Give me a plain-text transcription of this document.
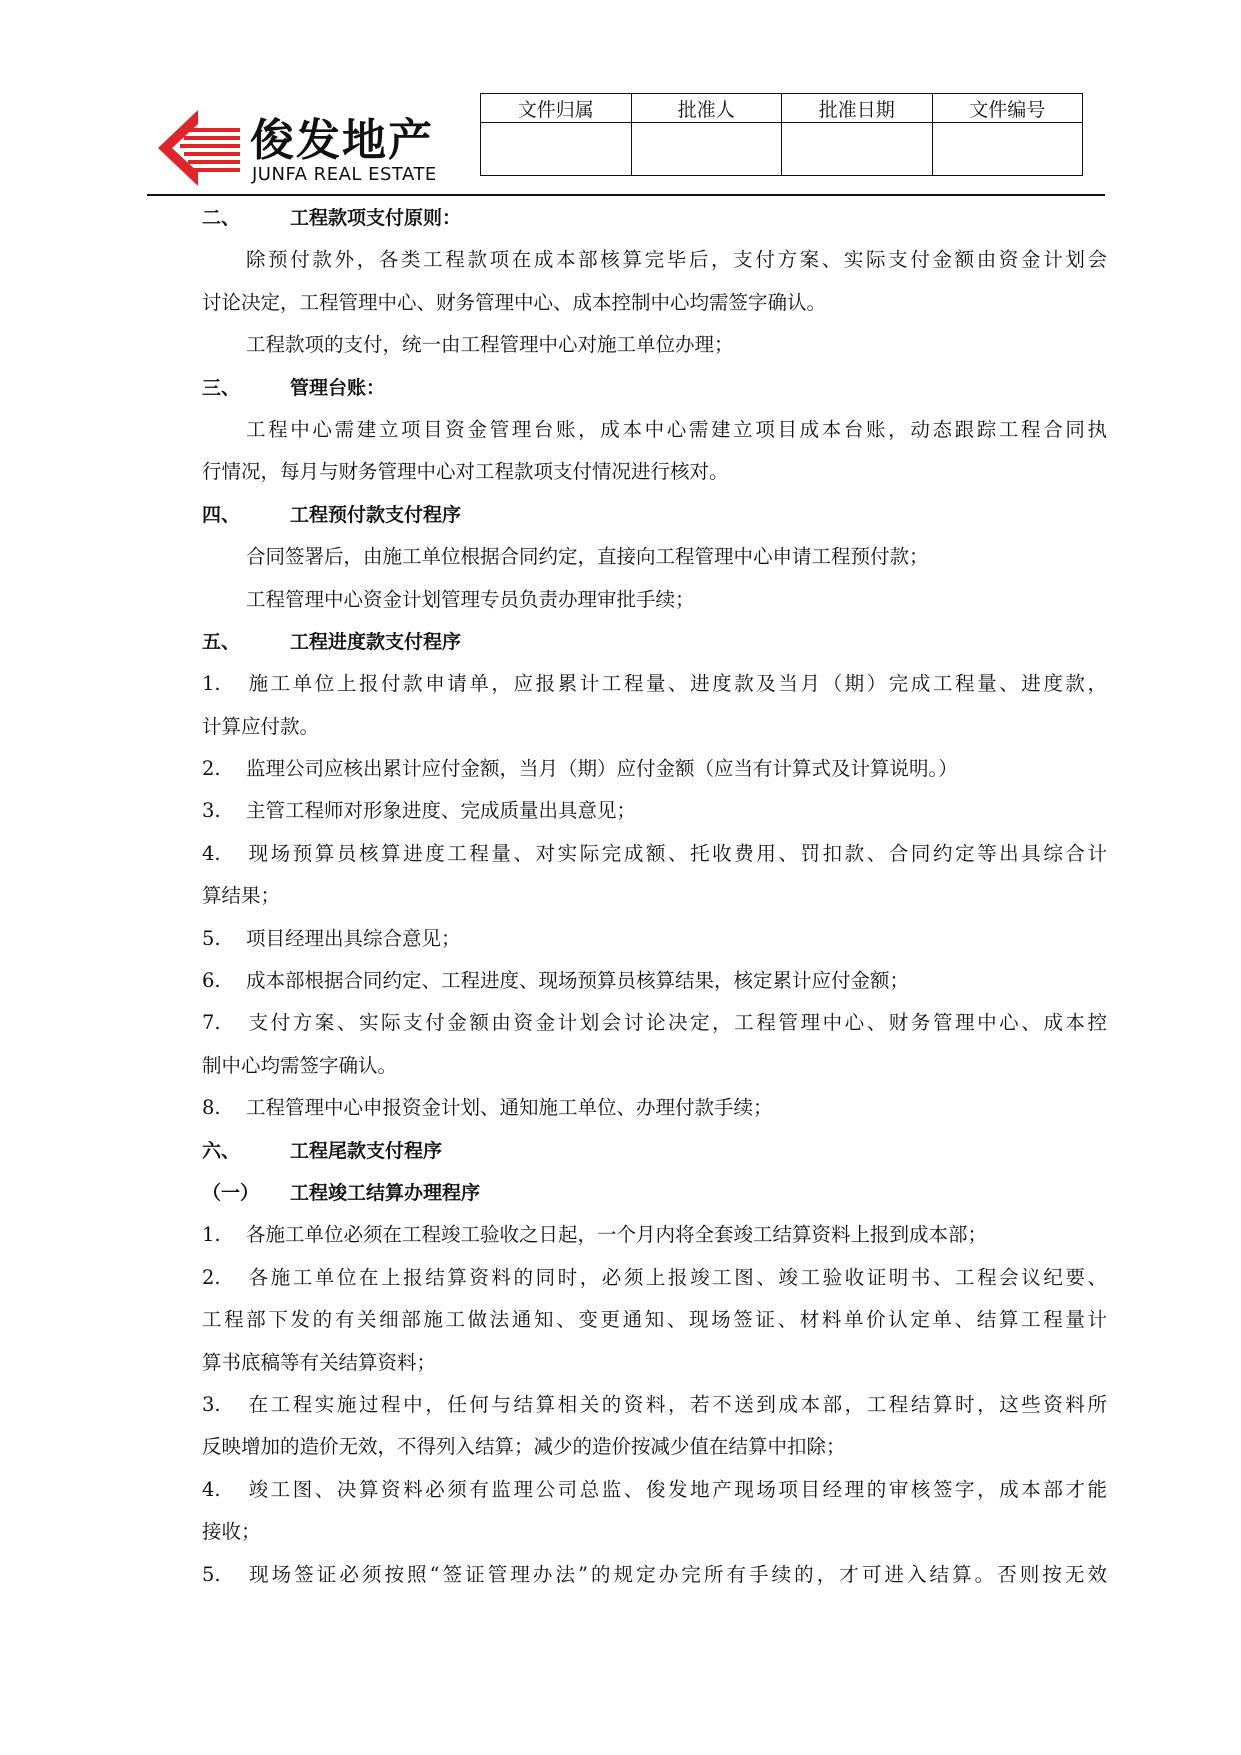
俊发地产
JUNFA REAL ESTATE
文件归属	批准人	批准日期	文件编号

二、	工程款项支付原则：
除预付款外，各类工程款项在成本部核算完毕后，支付方案、实际支付金额由资金计划会
讨论决定，工程管理中心、财务管理中心、成本控制中心均需签字确认。
工程款项的支付，统一由工程管理中心对施工单位办理；
三、	管理台账：
工程中心需建立项目资金管理台账，成本中心需建立项目成本台账，动态跟踪工程合同执
行情况，每月与财务管理中心对工程款项支付情况进行核对。
四、	工程预付款支付程序
合同签署后，由施工单位根据合同约定，直接向工程管理中心申请工程预付款；
工程管理中心资金计划管理专员负责办理审批手续；
五、	工程进度款支付程序
1. 施工单位上报付款申请单，应报累计工程量、进度款及当月（期）完成工程量、进度款，
计算应付款。
2. 监理公司应核出累计应付金额，当月（期）应付金额（应当有计算式及计算说明。）
3. 主管工程师对形象进度、完成质量出具意见；
4. 现场预算员核算进度工程量、对实际完成额、托收费用、罚扣款、合同约定等出具综合计
算结果；
5. 项目经理出具综合意见；
6. 成本部根据合同约定、工程进度、现场预算员核算结果，核定累计应付金额；
7. 支付方案、实际支付金额由资金计划会讨论决定，工程管理中心、财务管理中心、成本控
制中心均需签字确认。
8. 工程管理中心申报资金计划、通知施工单位、办理付款手续；
六、	工程尾款支付程序
（一） 工程竣工结算办理程序
1. 各施工单位必须在工程竣工验收之日起，一个月内将全套竣工结算资料上报到成本部；
2. 各施工单位在上报结算资料的同时，必须上报竣工图、竣工验收证明书、工程会议纪要、
工程部下发的有关细部施工做法通知、变更通知、现场签证、材料单价认定单、结算工程量计
算书底稿等有关结算资料；
3. 在工程实施过程中，任何与结算相关的资料，若不送到成本部，工程结算时，这些资料所
反映增加的造价无效，不得列入结算；减少的造价按减少值在结算中扣除；
4. 竣工图、决算资料必须有监理公司总监、俊发地产现场项目经理的审核签字，成本部才能
接收；
5. 现场签证必须按照“签证管理办法”的规定办完所有手续的，才可进入结算。否则按无效
